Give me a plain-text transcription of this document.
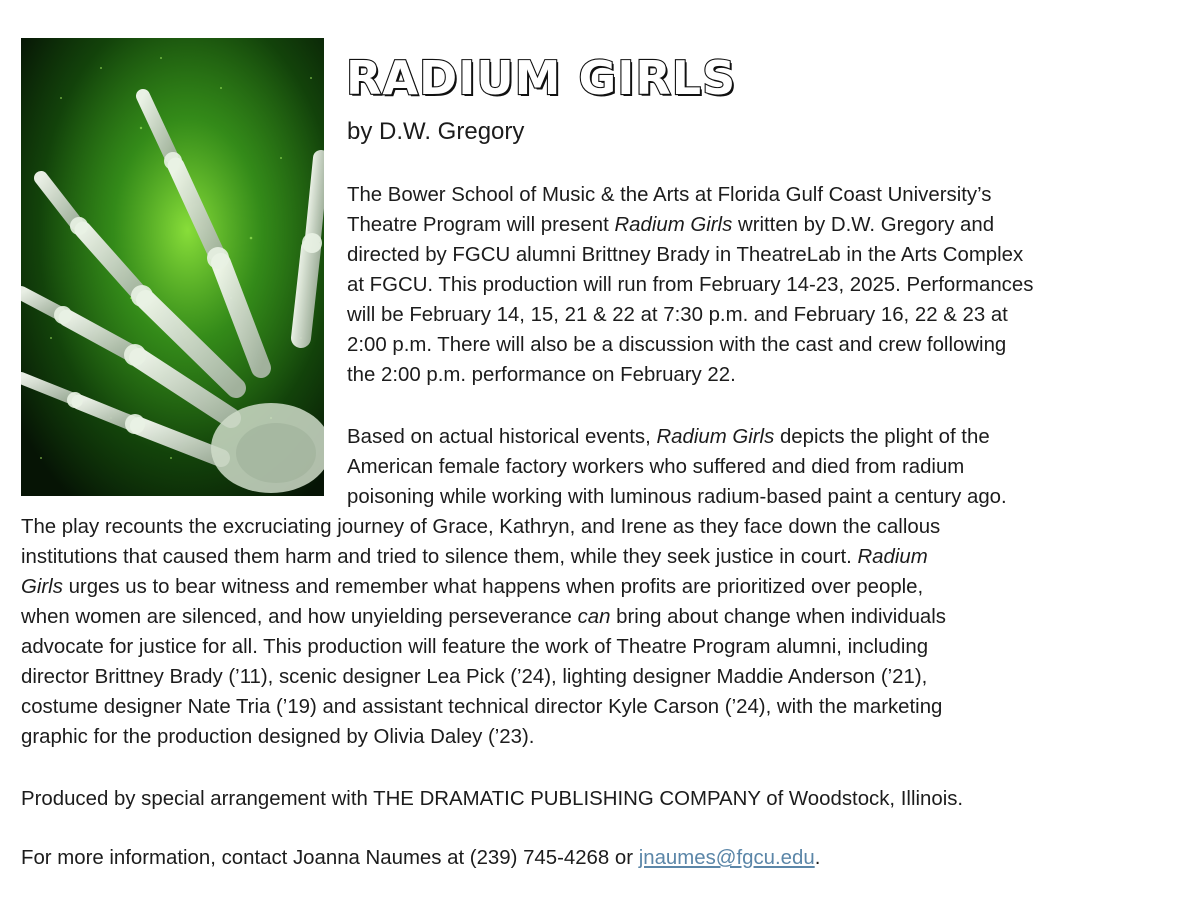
RADIUM GIRLS

by D.W. Gregory

The Bower School of Music & the Arts at Florida Gulf Coast University’s
Theatre Program will present Radium Girls written by D.W. Gregory and
directed by FGCU alumni Brittney Brady in TheatreLab in the Arts Complex
at FGCU. This production will run from February 14-23, 2025. Performances
will be February 14, 15, 21 & 22 at 7:30 p.m. and February 16, 22 & 23 at
2:00 p.m. There will also be a discussion with the cast and crew following
the 2:00 p.m. performance on February 22.
Based on actual historical events, Radium Girls depicts the plight of the
American female factory workers who suffered and died from radium
poisoning while working with luminous radium-based paint a century ago.
The play recounts the excruciating journey of Grace, Kathryn, and Irene as they face down the callous
institutions that caused them harm and tried to silence them, while they seek justice in court. Radium
Girls urges us to bear witness and remember what happens when profits are prioritized over people,
when women are silenced, and how unyielding perseverance can bring about change when individuals
advocate for justice for all. This production will feature the work of Theatre Program alumni, including
director Brittney Brady (’11), scenic designer Lea Pick (’24), lighting designer Maddie Anderson (’21),
costume designer Nate Tria (’19) and assistant technical director Kyle Carson (’24), with the marketing
graphic for the production designed by Olivia Daley (’23).

Produced by special arrangement with THE DRAMATIC PUBLISHING COMPANY of Woodstock, Illinois.

For more information, contact Joanna Naumes at (239) 745-4268 or jnaumes@fgcu.edu.
